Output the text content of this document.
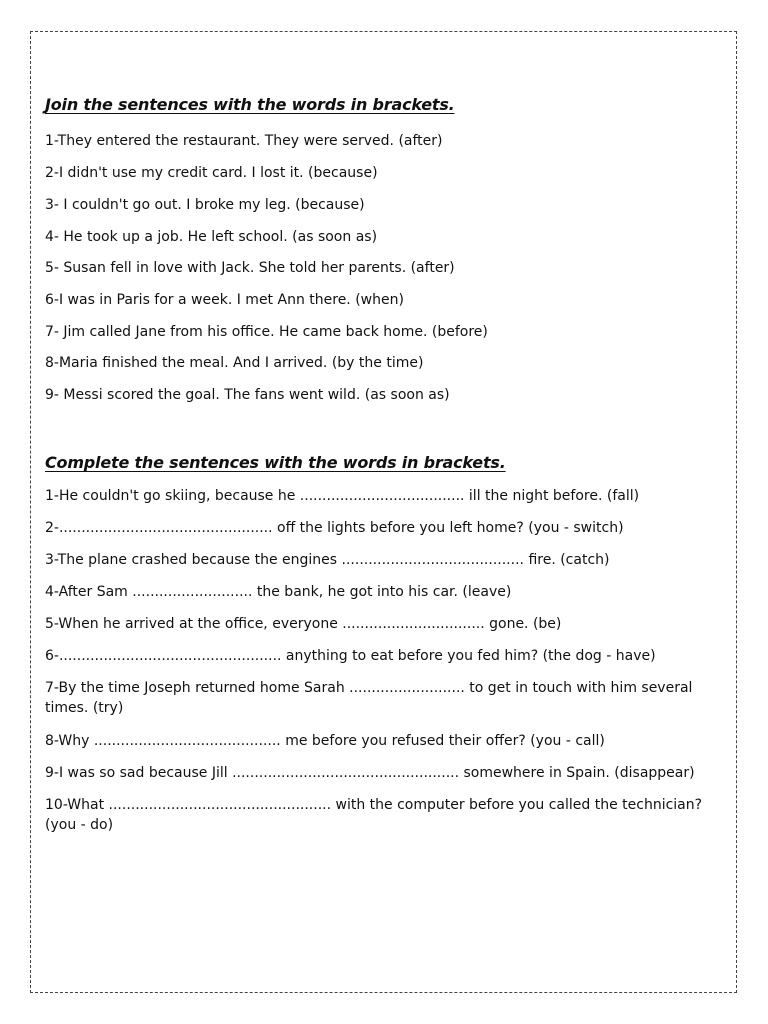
Join the sentences with the words in brackets.
1-They entered the restaurant. They were served. (after)
2-I didn't use my credit card. I lost it. (because)
3- I couldn't go out. I broke my leg. (because)
4- He took up a job. He left school. (as soon as)
5- Susan fell in love with Jack. She told her parents. (after)
6-I was in Paris for a week. I met Ann there. (when)
7- Jim called Jane from his office. He came back home. (before)
8-Maria finished the meal. And I arrived. (by the time)
9- Messi scored the goal. The fans went wild. (as soon as)
Complete the sentences with the words in brackets.
1-He couldn't go skiing, because he ..................................... ill the night before. (fall)
2-................................................ off the lights before you left home? (you - switch)
3-The plane crashed because the engines ......................................... fire. (catch)
4-After Sam ........................... the bank, he got into his car. (leave)
5-When he arrived at the office, everyone ................................ gone. (be)
6-.................................................. anything to eat before you fed him? (the dog - have)
7-By the time Joseph returned home Sarah .......................... to get in touch with him several times. (try)
8-Why .......................................... me before you refused their offer? (you - call)
9-I was so sad because Jill ................................................... somewhere in Spain. (disappear)
10-What .................................................. with the computer before you called the technician? (you - do)
